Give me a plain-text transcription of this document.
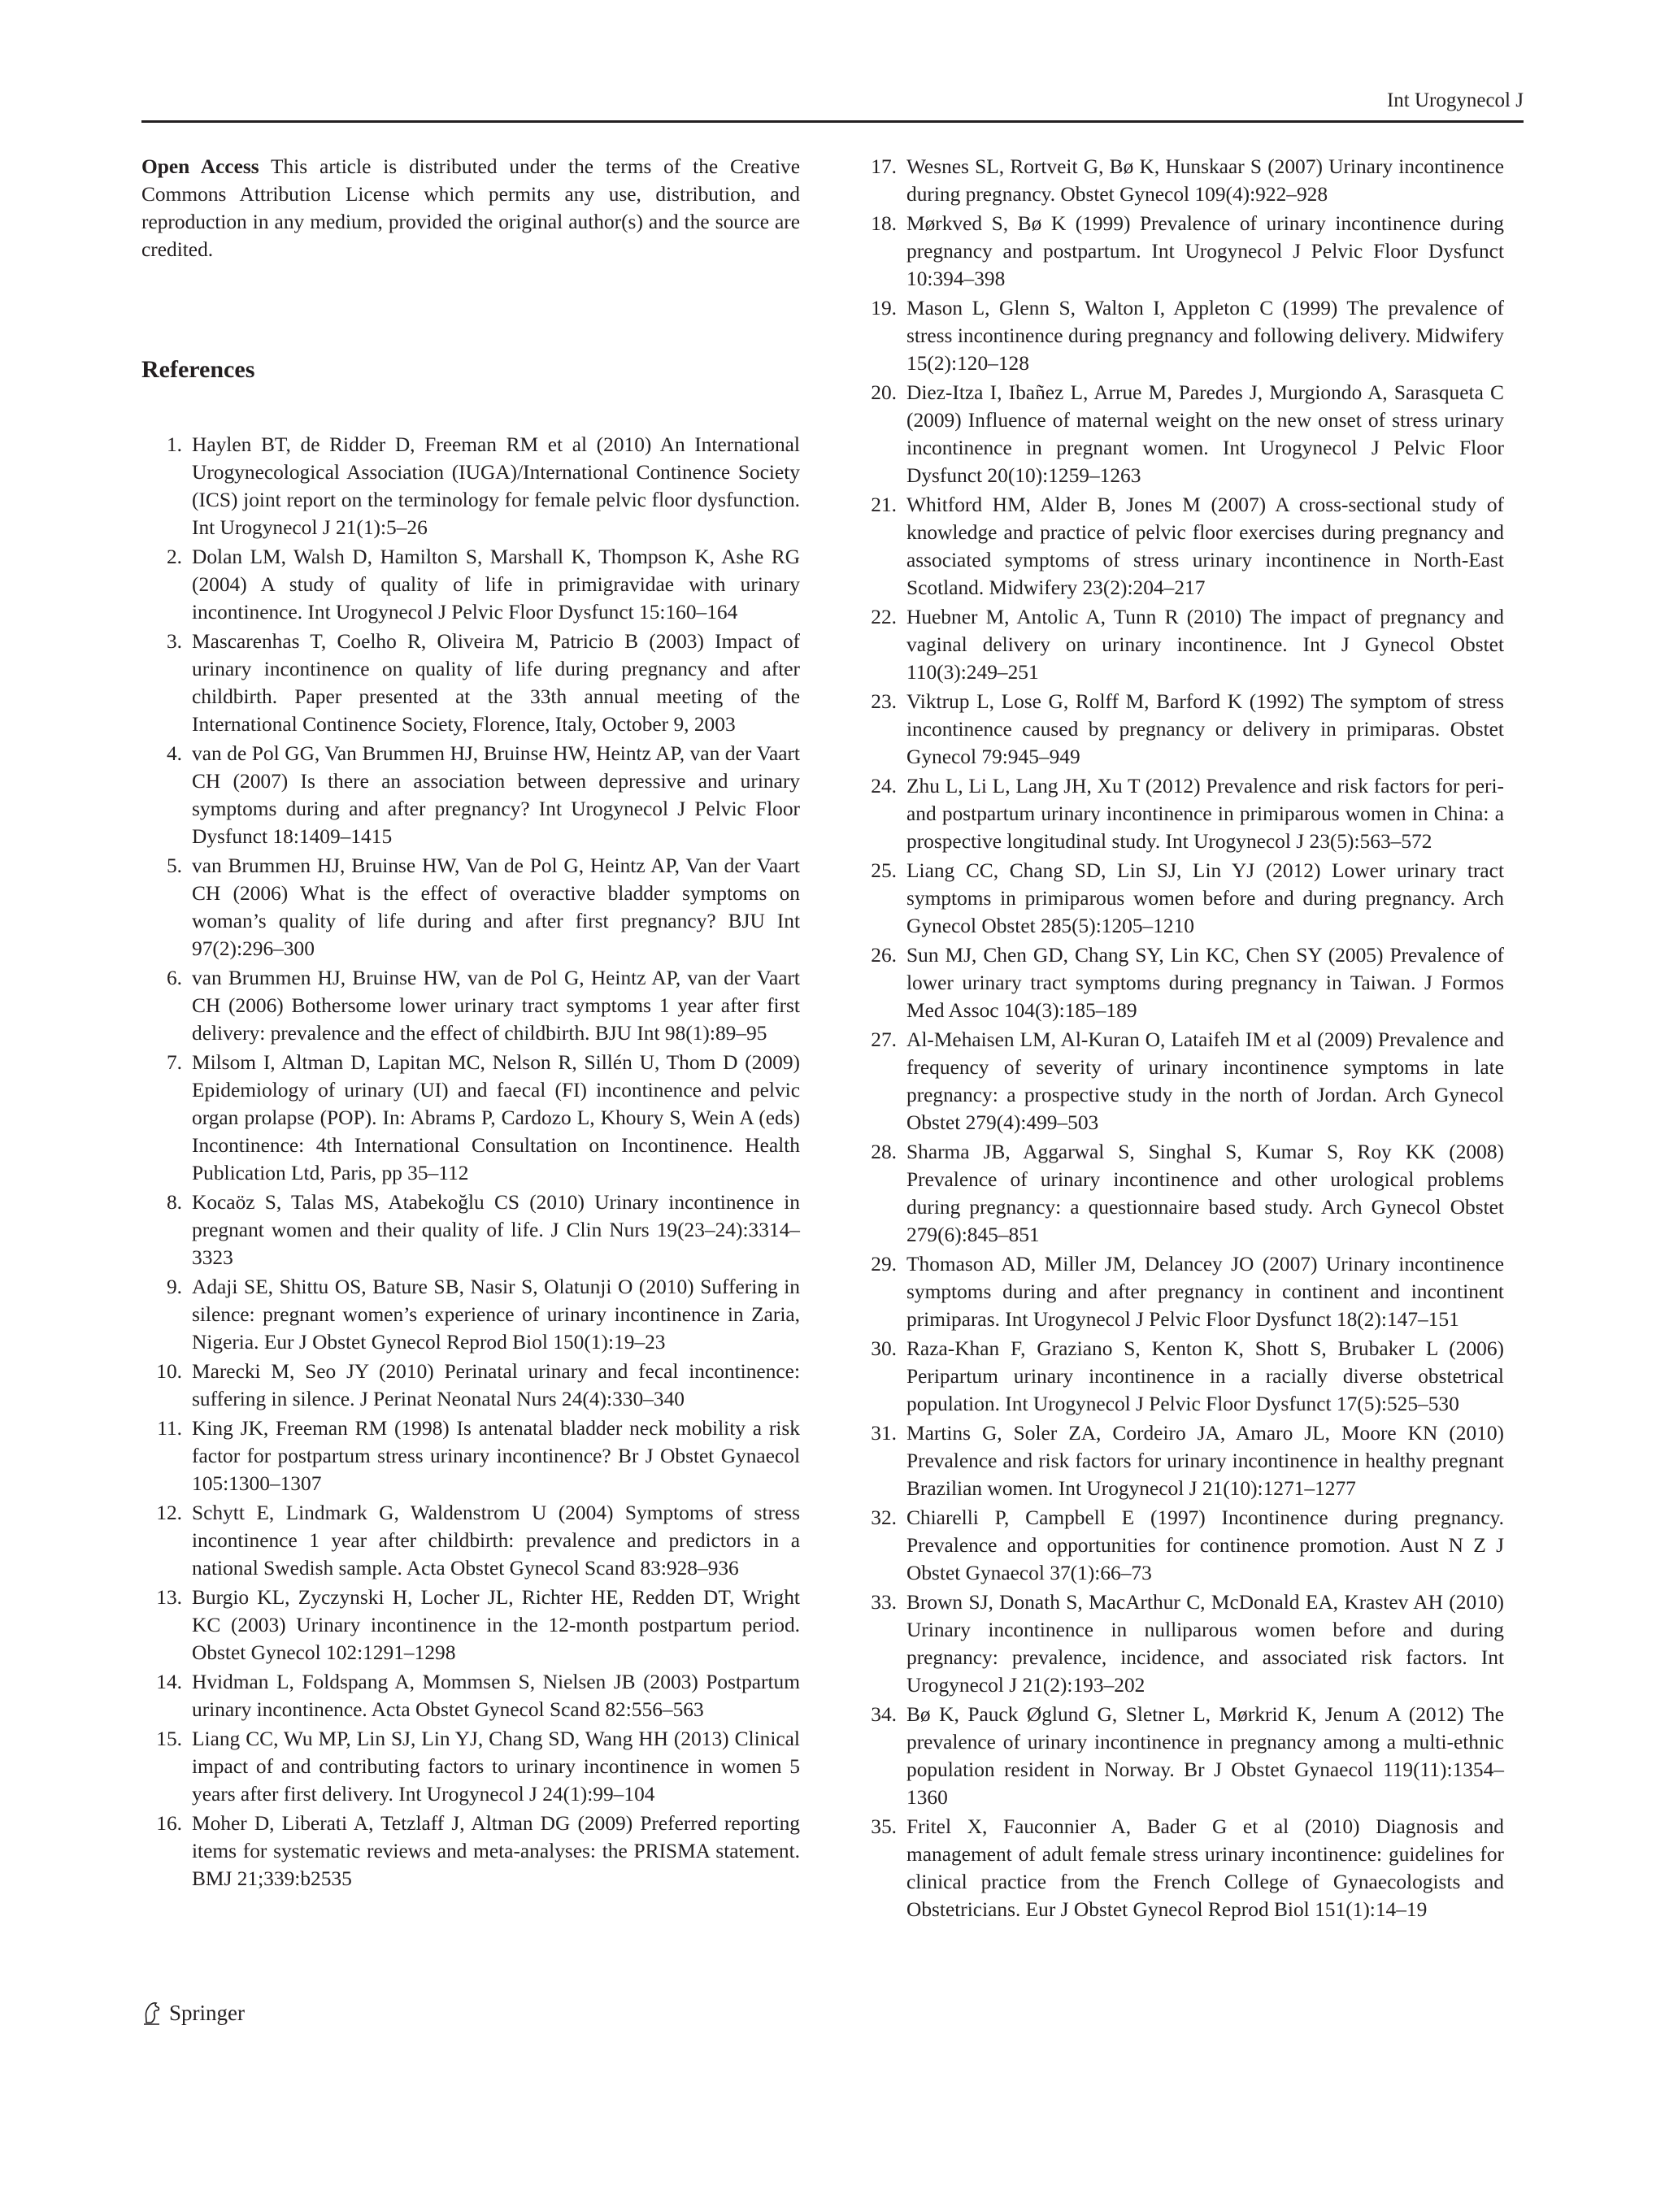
Int Urogynecol J

Open Access This article is distributed under the terms of the Creative Commons Attribution License which permits any use, distribution, and reproduction in any medium, provided the original author(s) and the source are credited.

References
1. Haylen BT, de Ridder D, Freeman RM et al (2010) An International Urogynecological Association (IUGA)/International Continence Society (ICS) joint report on the terminology for female pelvic floor dysfunction. Int Urogynecol J 21(1):5–26
2. Dolan LM, Walsh D, Hamilton S, Marshall K, Thompson K, Ashe RG (2004) A study of quality of life in primigravidae with urinary incontinence. Int Urogynecol J Pelvic Floor Dysfunct 15:160–164
3. Mascarenhas T, Coelho R, Oliveira M, Patricio B (2003) Impact of urinary incontinence on quality of life during pregnancy and after childbirth. Paper presented at the 33th annual meeting of the International Continence Society, Florence, Italy, October 9, 2003
4. van de Pol GG, Van Brummen HJ, Bruinse HW, Heintz AP, van der Vaart CH (2007) Is there an association between depressive and urinary symptoms during and after pregnancy? Int Urogynecol J Pelvic Floor Dysfunct 18:1409–1415
5. van Brummen HJ, Bruinse HW, Van de Pol G, Heintz AP, Van der Vaart CH (2006) What is the effect of overactive bladder symptoms on woman’s quality of life during and after first pregnancy? BJU Int 97(2):296–300
6. van Brummen HJ, Bruinse HW, van de Pol G, Heintz AP, van der Vaart CH (2006) Bothersome lower urinary tract symptoms 1 year after first delivery: prevalence and the effect of childbirth. BJU Int 98(1):89–95
7. Milsom I, Altman D, Lapitan MC, Nelson R, Sillén U, Thom D (2009) Epidemiology of urinary (UI) and faecal (FI) incontinence and pelvic organ prolapse (POP). In: Abrams P, Cardozo L, Khoury S, Wein A (eds) Incontinence: 4th International Consultation on Incontinence. Health Publication Ltd, Paris, pp 35–112
8. Kocaöz S, Talas MS, Atabekoğlu CS (2010) Urinary incontinence in pregnant women and their quality of life. J Clin Nurs 19(23–24):3314–3323
9. Adaji SE, Shittu OS, Bature SB, Nasir S, Olatunji O (2010) Suffering in silence: pregnant women’s experience of urinary incontinence in Zaria, Nigeria. Eur J Obstet Gynecol Reprod Biol 150(1):19–23
10. Marecki M, Seo JY (2010) Perinatal urinary and fecal incontinence: suffering in silence. J Perinat Neonatal Nurs 24(4):330–340
11. King JK, Freeman RM (1998) Is antenatal bladder neck mobility a risk factor for postpartum stress urinary incontinence? Br J Obstet Gynaecol 105:1300–1307
12. Schytt E, Lindmark G, Waldenstrom U (2004) Symptoms of stress incontinence 1 year after childbirth: prevalence and predictors in a national Swedish sample. Acta Obstet Gynecol Scand 83:928–936
13. Burgio KL, Zyczynski H, Locher JL, Richter HE, Redden DT, Wright KC (2003) Urinary incontinence in the 12-month postpartum period. Obstet Gynecol 102:1291–1298
14. Hvidman L, Foldspang A, Mommsen S, Nielsen JB (2003) Postpartum urinary incontinence. Acta Obstet Gynecol Scand 82:556–563
15. Liang CC, Wu MP, Lin SJ, Lin YJ, Chang SD, Wang HH (2013) Clinical impact of and contributing factors to urinary incontinence in women 5 years after first delivery. Int Urogynecol J 24(1):99–104
16. Moher D, Liberati A, Tetzlaff J, Altman DG (2009) Preferred reporting items for systematic reviews and meta-analyses: the PRISMA statement. BMJ 21;339:b2535
17. Wesnes SL, Rortveit G, Bø K, Hunskaar S (2007) Urinary incontinence during pregnancy. Obstet Gynecol 109(4):922–928
18. Mørkved S, Bø K (1999) Prevalence of urinary incontinence during pregnancy and postpartum. Int Urogynecol J Pelvic Floor Dysfunct 10:394–398
19. Mason L, Glenn S, Walton I, Appleton C (1999) The prevalence of stress incontinence during pregnancy and following delivery. Midwifery 15(2):120–128
20. Diez-Itza I, Ibañez L, Arrue M, Paredes J, Murgiondo A, Sarasqueta C (2009) Influence of maternal weight on the new onset of stress urinary incontinence in pregnant women. Int Urogynecol J Pelvic Floor Dysfunct 20(10):1259–1263
21. Whitford HM, Alder B, Jones M (2007) A cross-sectional study of knowledge and practice of pelvic floor exercises during pregnancy and associated symptoms of stress urinary incontinence in North-East Scotland. Midwifery 23(2):204–217
22. Huebner M, Antolic A, Tunn R (2010) The impact of pregnancy and vaginal delivery on urinary incontinence. Int J Gynecol Obstet 110(3):249–251
23. Viktrup L, Lose G, Rolff M, Barford K (1992) The symptom of stress incontinence caused by pregnancy or delivery in primiparas. Obstet Gynecol 79:945–949
24. Zhu L, Li L, Lang JH, Xu T (2012) Prevalence and risk factors for peri- and postpartum urinary incontinence in primiparous women in China: a prospective longitudinal study. Int Urogynecol J 23(5):563–572
25. Liang CC, Chang SD, Lin SJ, Lin YJ (2012) Lower urinary tract symptoms in primiparous women before and during pregnancy. Arch Gynecol Obstet 285(5):1205–1210
26. Sun MJ, Chen GD, Chang SY, Lin KC, Chen SY (2005) Prevalence of lower urinary tract symptoms during pregnancy in Taiwan. J Formos Med Assoc 104(3):185–189
27. Al-Mehaisen LM, Al-Kuran O, Lataifeh IM et al (2009) Prevalence and frequency of severity of urinary incontinence symptoms in late pregnancy: a prospective study in the north of Jordan. Arch Gynecol Obstet 279(4):499–503
28. Sharma JB, Aggarwal S, Singhal S, Kumar S, Roy KK (2008) Prevalence of urinary incontinence and other urological problems during pregnancy: a questionnaire based study. Arch Gynecol Obstet 279(6):845–851
29. Thomason AD, Miller JM, Delancey JO (2007) Urinary incontinence symptoms during and after pregnancy in continent and incontinent primiparas. Int Urogynecol J Pelvic Floor Dysfunct 18(2):147–151
30. Raza-Khan F, Graziano S, Kenton K, Shott S, Brubaker L (2006) Peripartum urinary incontinence in a racially diverse obstetrical population. Int Urogynecol J Pelvic Floor Dysfunct 17(5):525–530
31. Martins G, Soler ZA, Cordeiro JA, Amaro JL, Moore KN (2010) Prevalence and risk factors for urinary incontinence in healthy pregnant Brazilian women. Int Urogynecol J 21(10):1271–1277
32. Chiarelli P, Campbell E (1997) Incontinence during pregnancy. Prevalence and opportunities for continence promotion. Aust N Z J Obstet Gynaecol 37(1):66–73
33. Brown SJ, Donath S, MacArthur C, McDonald EA, Krastev AH (2010) Urinary incontinence in nulliparous women before and during pregnancy: prevalence, incidence, and associated risk factors. Int Urogynecol J 21(2):193–202
34. Bø K, Pauck Øglund G, Sletner L, Mørkrid K, Jenum A (2012) The prevalence of urinary incontinence in pregnancy among a multi-ethnic population resident in Norway. Br J Obstet Gynaecol 119(11):1354–1360
35. Fritel X, Fauconnier A, Bader G et al (2010) Diagnosis and management of adult female stress urinary incontinence: guidelines for clinical practice from the French College of Gynaecologists and Obstetricians. Eur J Obstet Gynecol Reprod Biol 151(1):14–19
Springer
